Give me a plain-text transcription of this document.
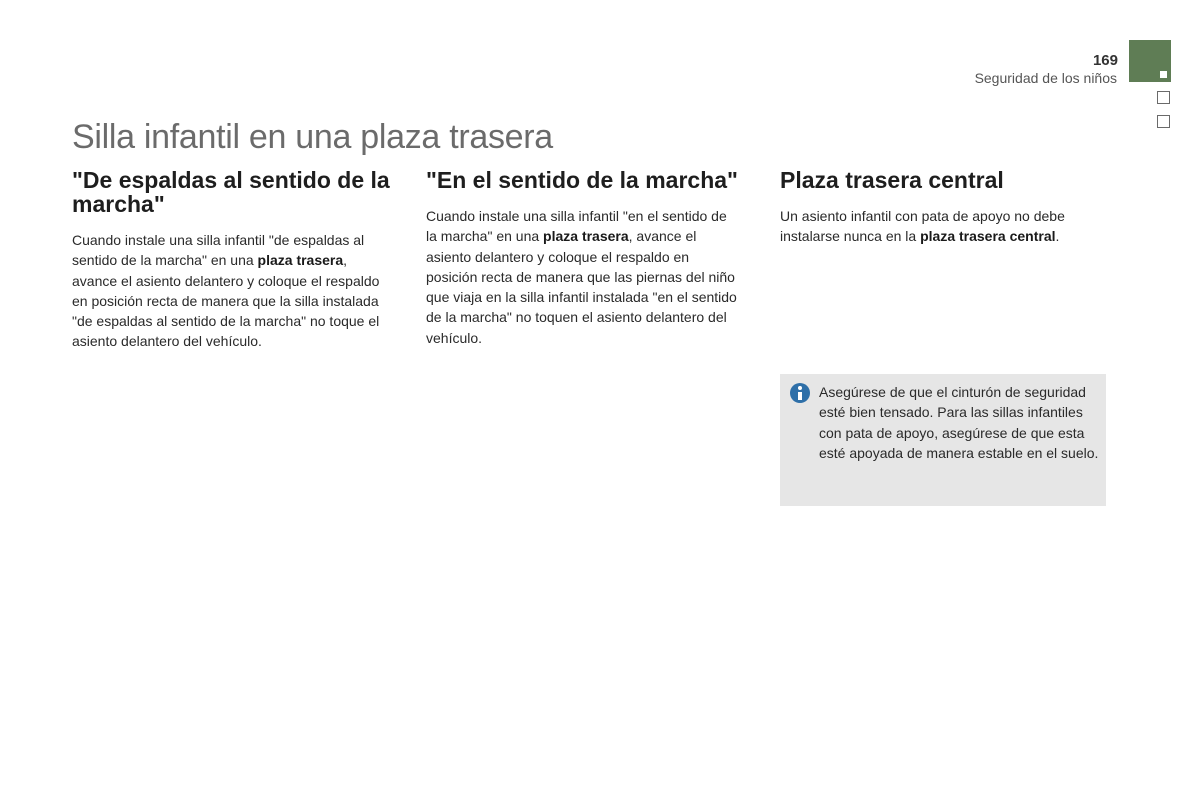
169
Seguridad de los niños
Silla infantil en una plaza trasera
"De espaldas al sentido de la marcha"

Cuando instale una silla infantil "de espaldas al sentido de la marcha" en una plaza trasera, avance el asiento delantero y coloque el respaldo en posición recta de manera que la silla instalada "de espaldas al sentido de la marcha" no toque el asiento delantero del vehículo.

"En el sentido de la marcha"

Cuando instale una silla infantil "en el sentido de la marcha" en una plaza trasera, avance el asiento delantero y coloque el respaldo en posición recta de manera que las piernas del niño que viaja en la silla infantil instalada "en el sentido de la marcha" no toquen el asiento delantero del vehículo.

Plaza trasera central

Un asiento infantil con pata de apoyo no debe instalarse nunca en la plaza trasera central.

Asegúrese de que el cinturón de seguridad esté bien tensado. Para las sillas infantiles con pata de apoyo, asegúrese de que esta esté apoyada de manera estable en el suelo.
